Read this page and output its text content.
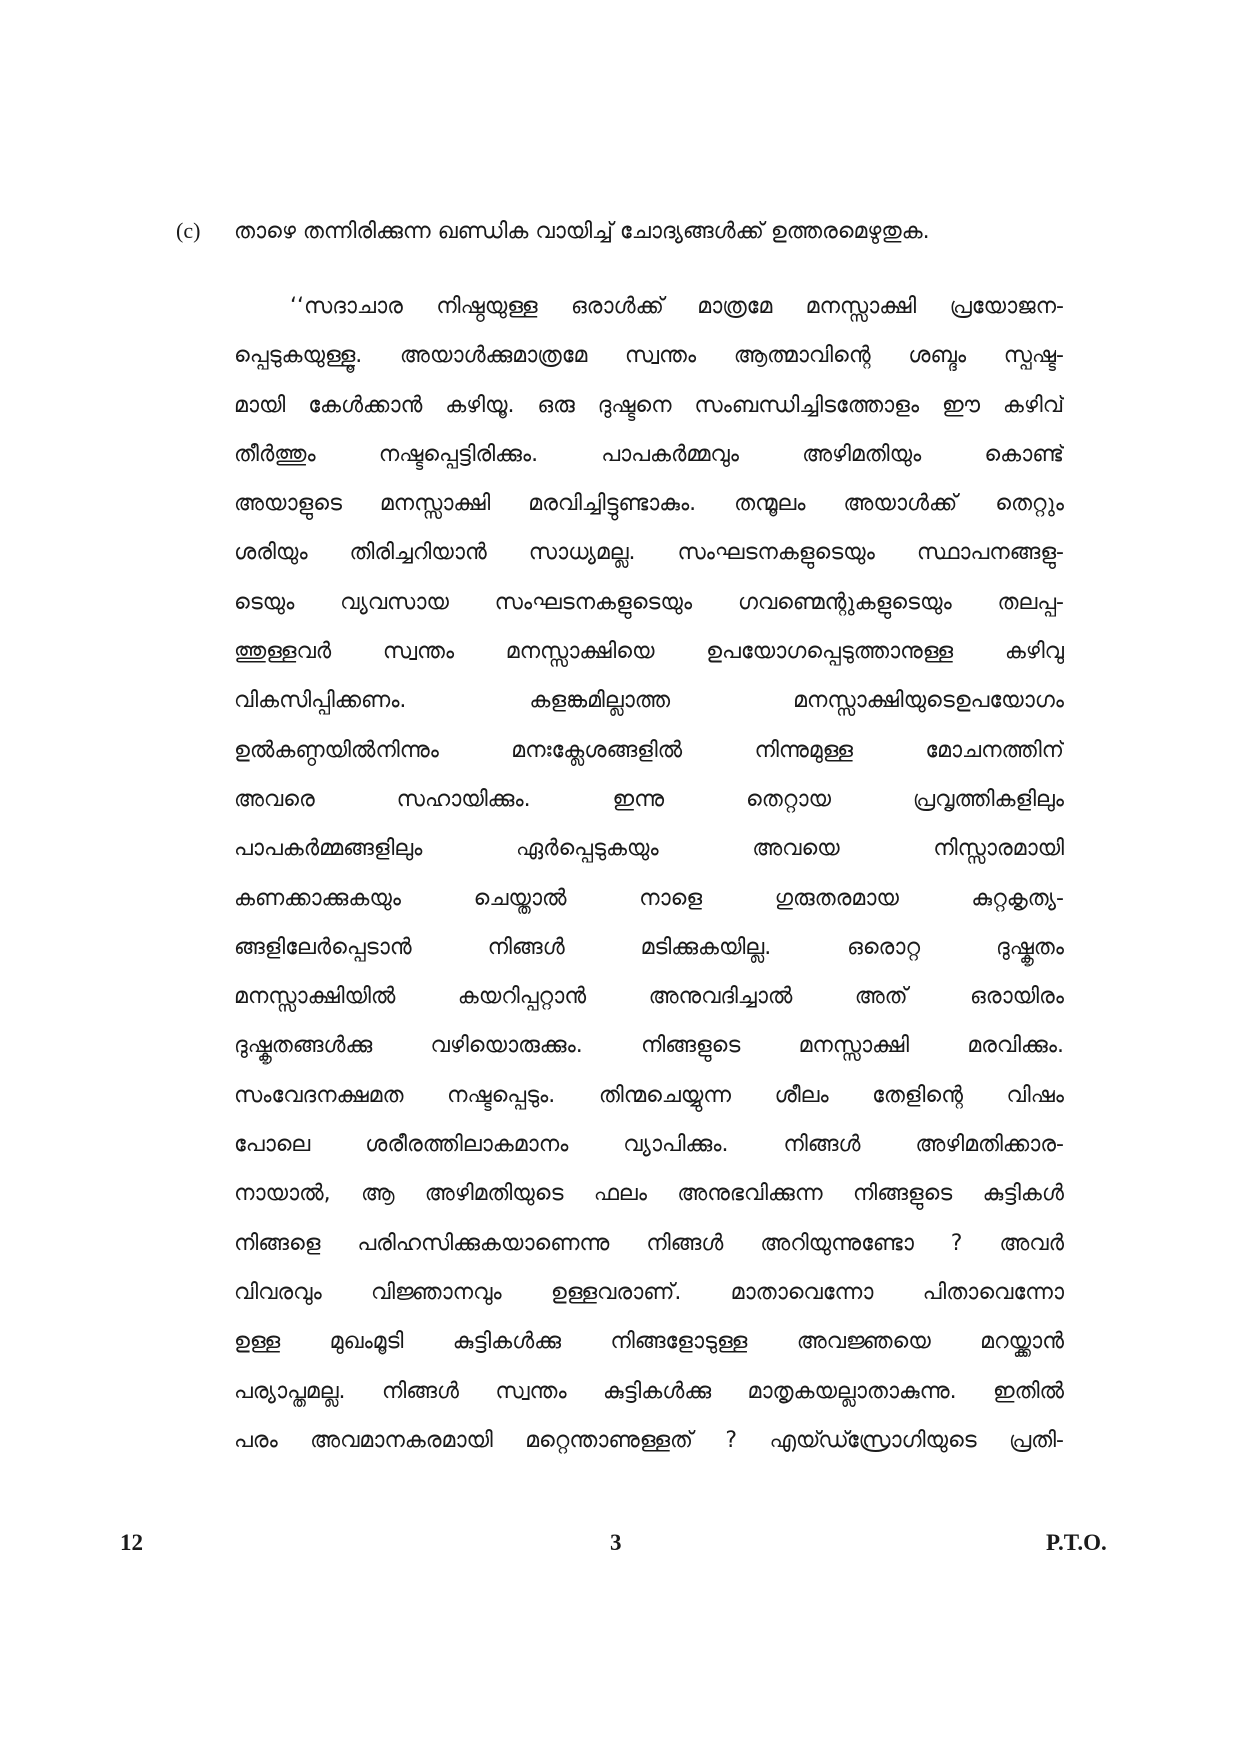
(c)	താഴെ തന്നിരിക്കുന്ന ഖണ്ഡിക വായിച്ച് ചോദ്യങ്ങൾക്ക് ഉത്തരമെഴുതുക.
‘‘സദാചാര നിഷ്ഠയുള്ള ഒരാൾക്ക് മാത്രമേ മനസ്സാക്ഷി പ്രയോജന-
പ്പെടുകയുള്ളൂ. അയാൾക്കുമാത്രമേ സ്വന്തം ആത്മാവിന്റെ ശബ്ദം സ്പഷ്ട-
മായി കേൾക്കാൻ കഴിയൂ. ഒരു ദുഷ്ടനെ സംബന്ധിച്ചിടത്തോളം ഈ കഴിവ്
തീർത്തും നഷ്ടപ്പെട്ടിരിക്കും. പാപകർമ്മവും അഴിമതിയും കൊണ്ട്
അയാളുടെ മനസ്സാക്ഷി മരവിച്ചിട്ടുണ്ടാകും. തന്മൂലം അയാൾക്ക് തെറ്റും
ശരിയും തിരിച്ചറിയാൻ സാധ്യമല്ല. സംഘടനകളുടെയും സ്ഥാപനങ്ങളു-
ടെയും വ്യവസായ സംഘടനകളുടെയും ഗവണ്മെന്റുകളുടെയും തലപ്പ-
ത്തുള്ളവർ സ്വന്തം മനസ്സാക്ഷിയെ ഉപയോഗപ്പെടുത്താനുള്ള കഴിവു
വികസിപ്പിക്കണം. കളങ്കമില്ലാത്ത മനസ്സാക്ഷിയുടെഉപയോഗം
ഉൽകണ്ഠയിൽനിന്നും മനഃക്ലേശങ്ങളിൽ നിന്നുമുള്ള മോചനത്തിന്
അവരെ സഹായിക്കും. ഇന്നു തെറ്റായ പ്രവൃത്തികളിലും
പാപകർമ്മങ്ങളിലും ഏർപ്പെടുകയും അവയെ നിസ്സാരമായി
കണക്കാക്കുകയും ചെയ്താൽ നാളെ ഗുരുതരമായ കുറ്റകൃത്യ-
ങ്ങളിലേർപ്പെടാൻ നിങ്ങൾ മടിക്കുകയില്ല. ഒരൊറ്റ ദുഷ്കൃതം
മനസ്സാക്ഷിയിൽ കയറിപ്പറ്റാൻ അനുവദിച്ചാൽ അത് ഒരായിരം
ദുഷ്കൃതങ്ങൾക്കു വഴിയൊരുക്കും. നിങ്ങളുടെ മനസ്സാക്ഷി മരവിക്കും.
സംവേദനക്ഷമത നഷ്ടപ്പെടും. തിന്മചെയ്യുന്ന ശീലം തേളിന്റെ വിഷം
പോലെ ശരീരത്തിലാകമാനം വ്യാപിക്കും. നിങ്ങൾ അഴിമതിക്കാര-
നായാൽ, ആ അഴിമതിയുടെ ഫലം അനുഭവിക്കുന്ന നിങ്ങളുടെ കുട്ടികൾ
നിങ്ങളെ പരിഹസിക്കുകയാണെന്നു നിങ്ങൾ അറിയുന്നുണ്ടോ ? അവർ
വിവരവും വിജ്ഞാനവും ഉള്ളവരാണ്. മാതാവെന്നോ പിതാവെന്നോ
ഉള്ള മുഖംമൂടി കുട്ടികൾക്കു നിങ്ങളോടുള്ള അവജ്ഞയെ മറയ്ക്കാൻ
പര്യാപ്തമല്ല. നിങ്ങൾ സ്വന്തം കുട്ടികൾക്കു മാതൃകയല്ലാതാകുന്നു. ഇതിൽ
പരം അവമാനകരമായി മറ്റെന്താണുള്ളത് ? എയ്ഡ്സ്രോഗിയുടെ പ്രതി-
12	3	P.T.O.
